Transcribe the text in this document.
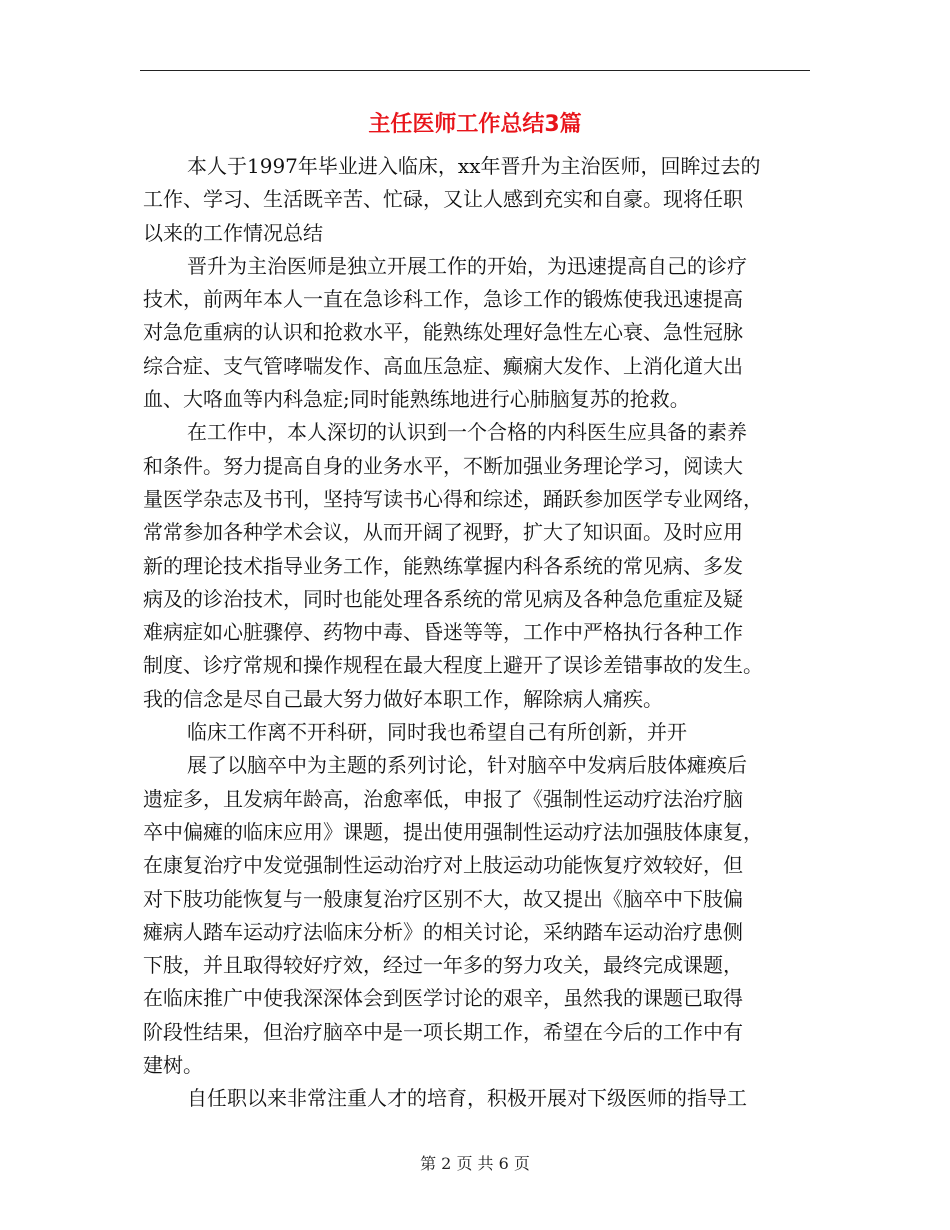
主任医师工作总结3篇
本人于1997年毕业进入临床，xx年晋升为主治医师，回眸过去的
工作、学习、生活既辛苦、忙碌，又让人感到充实和自豪。现将任职
以来的工作情况总结
晋升为主治医师是独立开展工作的开始，为迅速提高自己的诊疗
技术，前两年本人一直在急诊科工作，急诊工作的锻炼使我迅速提高
对急危重病的认识和抢救水平，能熟练处理好急性左心衰、急性冠脉
综合症、支气管哮喘发作、高血压急症、癫痫大发作、上消化道大出
血、大咯血等内科急症;同时能熟练地进行心肺脑复苏的抢救。
在工作中，本人深切的认识到一个合格的内科医生应具备的素养
和条件。努力提高自身的业务水平，不断加强业务理论学习，阅读大
量医学杂志及书刊，坚持写读书心得和综述，踊跃参加医学专业网络，
常常参加各种学术会议，从而开阔了视野，扩大了知识面。及时应用
新的理论技术指导业务工作，能熟练掌握内科各系统的常见病、多发
病及的诊治技术，同时也能处理各系统的常见病及各种急危重症及疑
难病症如心脏骤停、药物中毒、昏迷等等，工作中严格执行各种工作
制度、诊疗常规和操作规程在最大程度上避开了误诊差错事故的发生。
我的信念是尽自己最大努力做好本职工作，解除病人痛疾。
临床工作离不开科研，同时我也希望自己有所创新，并开
展了以脑卒中为主题的系列讨论，针对脑卒中发病后肢体瘫痪后
遗症多，且发病年龄高，治愈率低，申报了《强制性运动疗法治疗脑
卒中偏瘫的临床应用》课题，提出使用强制性运动疗法加强肢体康复，
在康复治疗中发觉强制性运动治疗对上肢运动功能恢复疗效较好，但
对下肢功能恢复与一般康复治疗区别不大，故又提出《脑卒中下肢偏
瘫病人踏车运动疗法临床分析》的相关讨论，采纳踏车运动治疗患侧
下肢，并且取得较好疗效，经过一年多的努力攻关，最终完成课题，
在临床推广中使我深深体会到医学讨论的艰辛，虽然我的课题已取得
阶段性结果，但治疗脑卒中是一项长期工作，希望在今后的工作中有
建树。
自任职以来非常注重人才的培育，积极开展对下级医师的指导工
第 2 页 共 6 页
